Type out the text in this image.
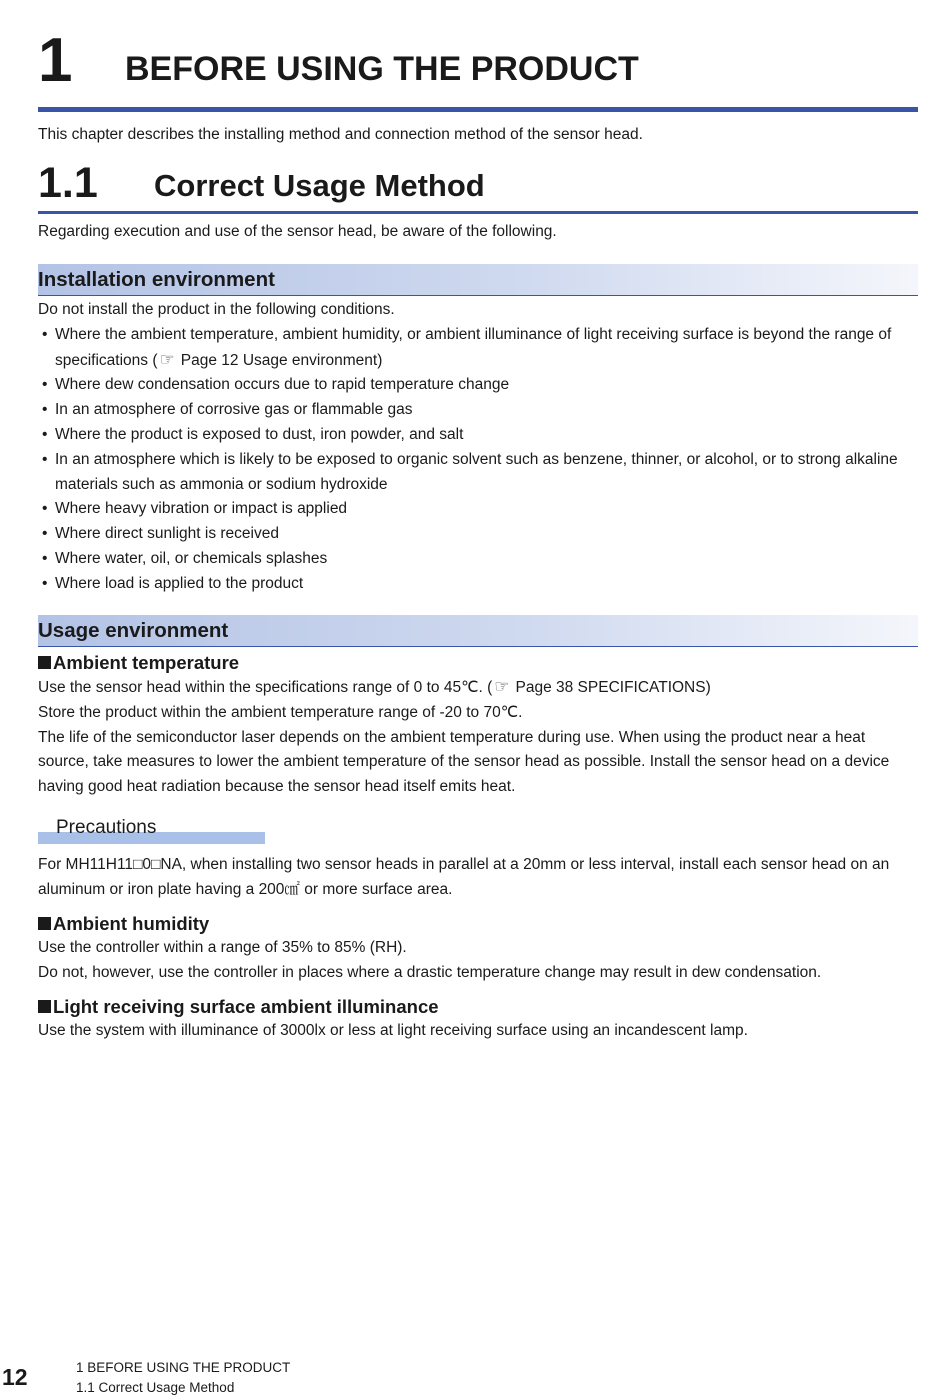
1 BEFORE USING THE PRODUCT
This chapter describes the installing method and connection method of the sensor head.
1.1 Correct Usage Method
Regarding execution and use of the sensor head, be aware of the following.
Installation environment
Do not install the product in the following conditions.
• Where the ambient temperature, ambient humidity, or ambient illuminance of light receiving surface is beyond the range of specifications ( ☞ Page 12 Usage environment)
• Where dew condensation occurs due to rapid temperature change
• In an atmosphere of corrosive gas or flammable gas
• Where the product is exposed to dust, iron powder, and salt
• In an atmosphere which is likely to be exposed to organic solvent such as benzene, thinner, or alcohol, or to strong alkaline materials such as ammonia or sodium hydroxide
• Where heavy vibration or impact is applied
• Where direct sunlight is received
• Where water, oil, or chemicals splashes
• Where load is applied to the product
Usage environment
Ambient temperature
Use the sensor head within the specifications range of 0 to 45℃. ( ☞ Page 38 SPECIFICATIONS)
Store the product within the ambient temperature range of -20 to 70℃.
The life of the semiconductor laser depends on the ambient temperature during use. When using the product near a heat source, take measures to lower the ambient temperature of the sensor head as possible. Install the sensor head on a device having good heat radiation because the sensor head itself emits heat.
Precautions
For MH11H11□0□NA, when installing two sensor heads in parallel at a 20mm or less interval, install each sensor head on an aluminum or iron plate having a 200㎠ or more surface area.
Ambient humidity
Use the controller within a range of 35% to 85% (RH).
Do not, however, use the controller in places where a drastic temperature change may result in dew condensation.
Light receiving surface ambient illuminance
Use the system with illuminance of 3000lx or less at light receiving surface using an incandescent lamp.
12	1 BEFORE USING THE PRODUCT
1.1 Correct Usage Method
